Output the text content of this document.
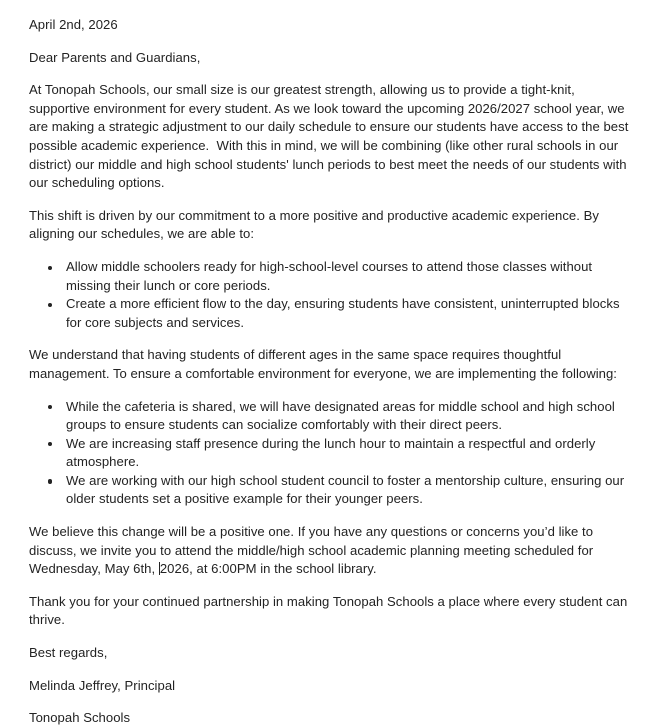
April 2nd, 2026

Dear Parents and Guardians,

At Tonopah Schools, our small size is our greatest strength, allowing us to provide a tight-knit, supportive environment for every student. As we look toward the upcoming 2026/2027 school year, we are making a strategic adjustment to our daily schedule to ensure our students have access to the best possible academic experience.  With this in mind, we will be combining (like other rural schools in our district) our middle and high school students' lunch periods to best meet the needs of our students with our scheduling options.

This shift is driven by our commitment to a more positive and productive academic experience. By aligning our schedules, we are able to:

Allow middle schoolers ready for high-school-level courses to attend those classes without missing their lunch or core periods.
Create a more efficient flow to the day, ensuring students have consistent, uninterrupted blocks for core subjects and services.

We understand that having students of different ages in the same space requires thoughtful management. To ensure a comfortable environment for everyone, we are implementing the following:

While the cafeteria is shared, we will have designated areas for middle school and high school groups to ensure students can socialize comfortably with their direct peers.
We are increasing staff presence during the lunch hour to maintain a respectful and orderly atmosphere.
We are working with our high school student council to foster a mentorship culture, ensuring our older students set a positive example for their younger peers.

We believe this change will be a positive one. If you have any questions or concerns you’d like to discuss, we invite you to attend the middle/high school academic planning meeting scheduled for Wednesday, May 6th, 2026, at 6:00PM in the school library.

Thank you for your continued partnership in making Tonopah Schools a place where every student can thrive.

Best regards,

Melinda Jeffrey, Principal

Tonopah Schools
